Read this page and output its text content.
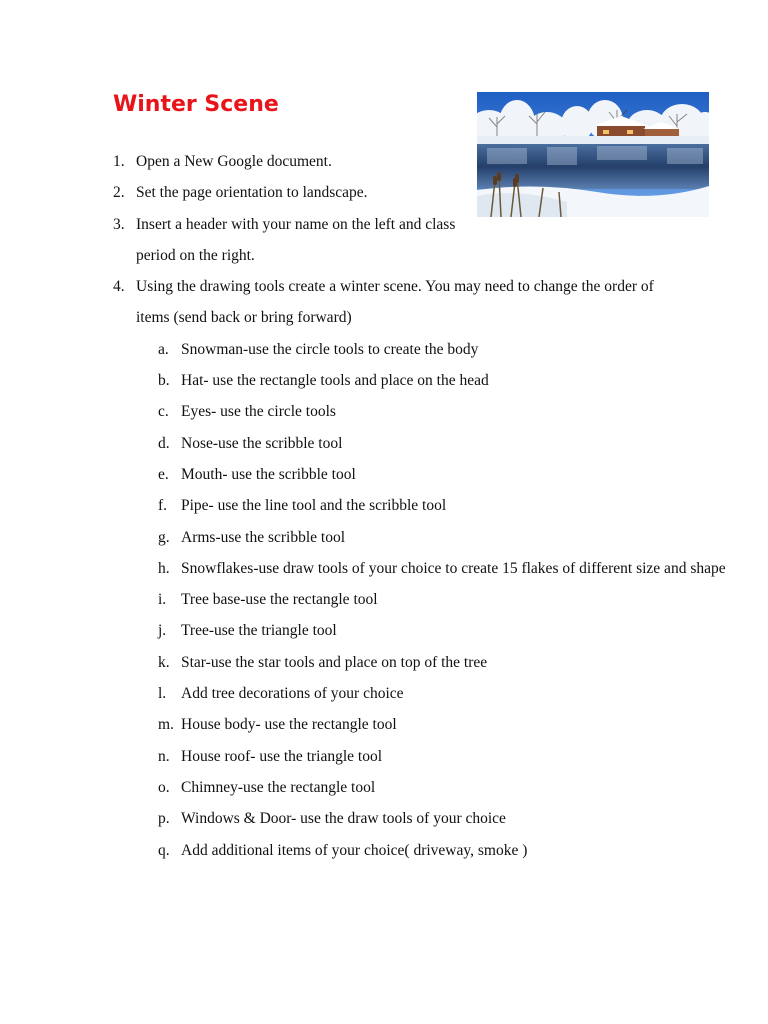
Winter Scene
1. Open a New Google document.
2. Set the page orientation to landscape.
3. Insert a header with your name on the left and class period on the right.
4. Using the drawing tools create a winter scene. You may need to change the order of items (send back or bring forward)
a. Snowman-use the circle tools to create the body
b. Hat- use the rectangle tools and place on the head
c. Eyes- use the circle tools
d. Nose-use the scribble tool
e. Mouth- use the scribble tool
f. Pipe- use the line tool and the scribble tool
g. Arms-use the scribble tool
h. Snowflakes-use draw tools of your choice to create 15 flakes of different size and shape
i. Tree base-use the rectangle tool
j. Tree-use the triangle tool
k. Star-use the star tools and place on top of the tree
l. Add tree decorations of your choice
m. House body- use the rectangle tool
n. House roof- use the triangle tool
o. Chimney-use the rectangle tool
p. Windows & Door- use the draw tools of your choice
q. Add additional items of your choice( driveway, smoke )
